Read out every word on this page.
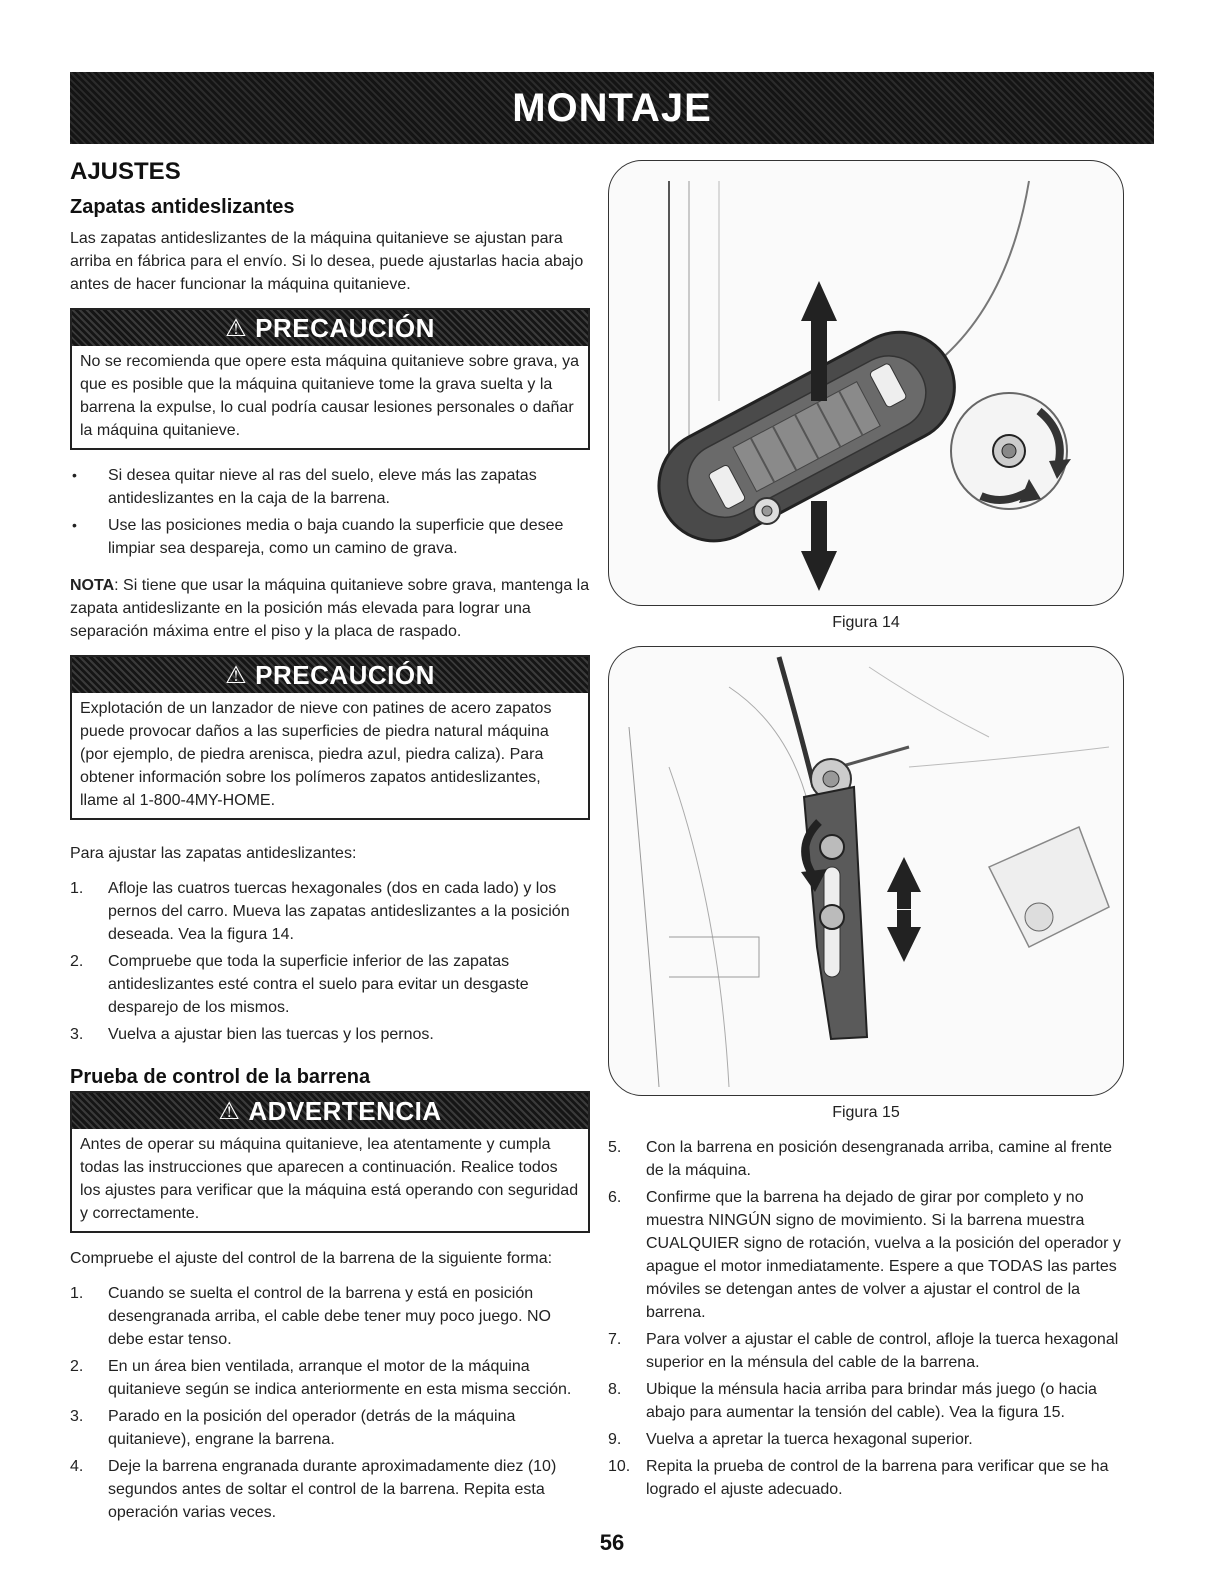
MONTAJE
AJUSTES
Zapatas antideslizantes

Las zapatas antideslizantes de la máquina quitanieve se ajustan para arriba en fábrica para el envío. Si lo desea, puede ajustarlas hacia abajo antes de hacer funcionar la máquina quitanieve.

⚠ PRECAUCIÓN
No se recomienda que opere esta máquina quitanieve sobre grava, ya que es posible que la máquina quitanieve tome la grava suelta y la barrena la expulse, lo cual podría causar lesiones personales o dañar la máquina quitanieve.
• Si desea quitar nieve al ras del suelo, eleve más las zapatas antideslizantes en la caja de la barrena.
• Use las posiciones media o baja cuando la superficie que desee limpiar sea despareja, como un camino de grava.

NOTA: Si tiene que usar la máquina quitanieve sobre grava, mantenga la zapata antideslizante en la posición más elevada para lograr una separación máxima entre el piso y la placa de raspado.

⚠ PRECAUCIÓN
Explotación de un lanzador de nieve con patines de acero zapatos puede provocar daños a las superficies de piedra natural máquina (por ejemplo, de piedra arenisca, piedra azul, piedra caliza). Para obtener información sobre los polímeros zapatos antideslizantes, llame al 1-800-4MY-HOME.

Para ajustar las zapatas antideslizantes:

1. Afloje las cuatros tuercas hexagonales (dos en cada lado) y los pernos del carro. Mueva las zapatas antideslizantes a la posición deseada. Vea la figura 14.
2. Compruebe que toda la superficie inferior de las zapatas antideslizantes esté contra el suelo para evitar un desgaste desparejo de los mismos.
3. Vuelva a ajustar bien las tuercas y los pernos.
Prueba de control de la barrena
⚠ ADVERTENCIA
Antes de operar su máquina quitanieve, lea atentamente y cumpla todas las instrucciones que aparecen a continuación. Realice todos los ajustes para verificar que la máquina está operando con seguridad y correctamente.

Compruebe el ajuste del control de la barrena de la siguiente forma:

1. Cuando se suelta el control de la barrena y está en posición desengranada arriba, el cable debe tener muy poco juego. NO debe estar tenso.
2. En un área bien ventilada, arranque el motor de la máquina quitanieve según se indica anteriormente en esta misma sección.
3. Parado en la posición del operador (detrás de la máquina quitanieve), engrane la barrena.
4. Deje la barrena engranada durante aproximadamente diez (10) segundos antes de soltar el control de la barrena. Repita esta operación varias veces.
Figura 14
Figura 15
5. Con la barrena en posición desengranada arriba, camine al frente de la máquina.
6. Confirme que la barrena ha dejado de girar por completo y no muestra NINGÚN signo de movimiento. Si la barrena muestra CUALQUIER signo de rotación, vuelva a la posición del operador y apague el motor inmediatamente. Espere a que TODAS las partes móviles se detengan antes de volver a ajustar el control de la barrena.
7. Para volver a ajustar el cable de control, afloje la tuerca hexagonal superior en la ménsula del cable de la barrena.
8. Ubique la ménsula hacia arriba para brindar más juego (o hacia abajo para aumentar la tensión del cable). Vea la figura 15.
9. Vuelva a apretar la tuerca hexagonal superior.
10. Repita la prueba de control de la barrena para verificar que se ha logrado el ajuste adecuado.
56
